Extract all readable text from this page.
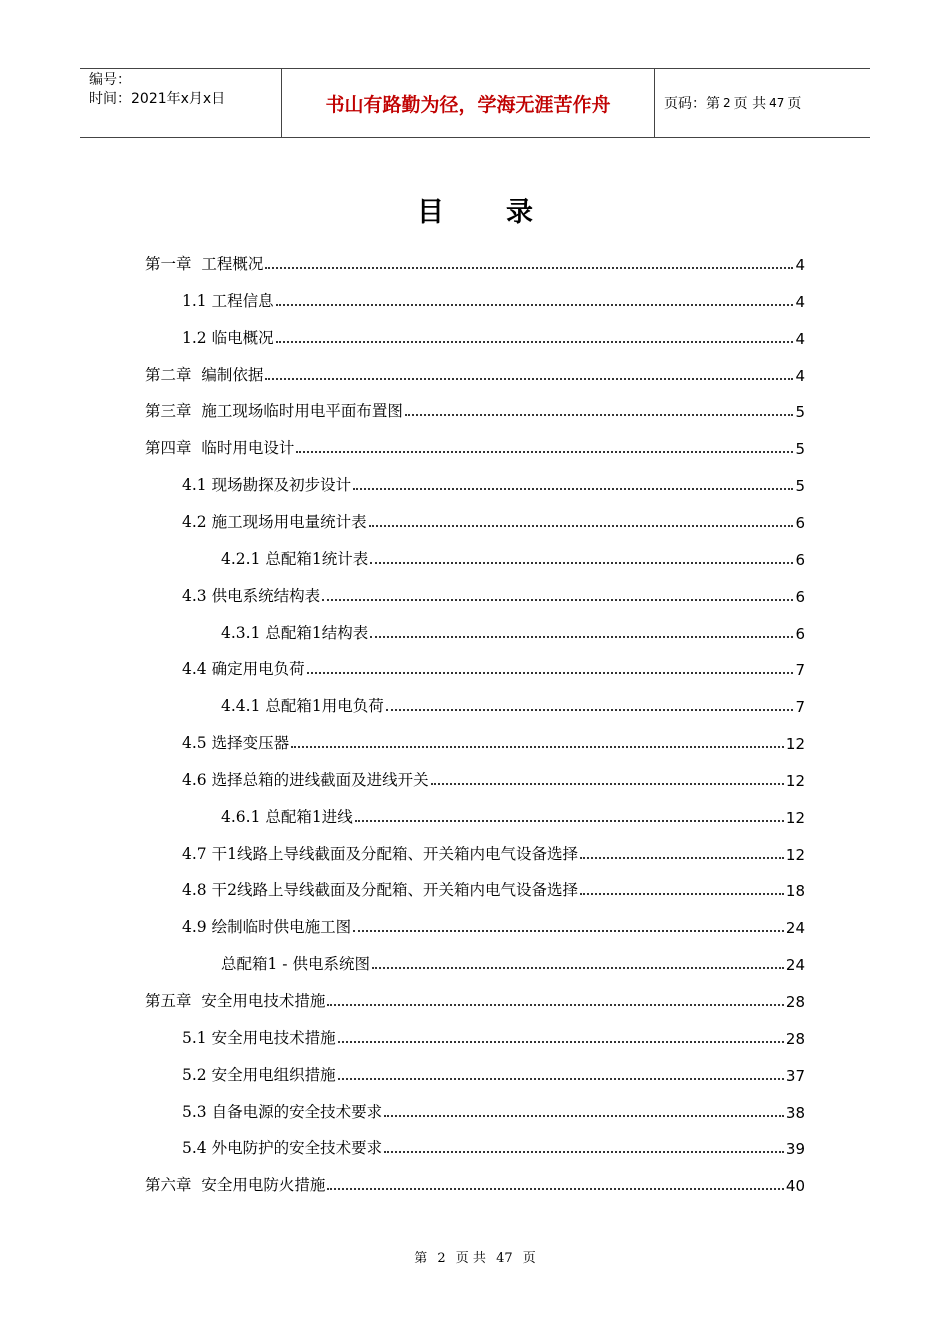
编号：
时间：2021年x月x日	书山有路勤为径，学海无涯苦作舟	页码：第 2 页 共 47 页
目录
第一章  工程概况	4
1.1 工程信息	4
1.2 临电概况	4
第二章  编制依据	4
第三章  施工现场临时用电平面布置图	5
第四章  临时用电设计	5
4.1 现场勘探及初步设计	5
4.2 施工现场用电量统计表	6
4.2.1 总配箱1统计表	6
4.3 供电系统结构表	6
4.3.1 总配箱1结构表	6
4.4 确定用电负荷	7
4.4.1 总配箱1用电负荷	7
4.5 选择变压器	12
4.6 选择总箱的进线截面及进线开关	12
4.6.1 总配箱1进线	12
4.7 干1线路上导线截面及分配箱、开关箱内电气设备选择	12
4.8 干2线路上导线截面及分配箱、开关箱内电气设备选择	18
4.9 绘制临时供电施工图	24
总配箱1 - 供电系统图	24
第五章  安全用电技术措施	28
5.1 安全用电技术措施	28
5.2 安全用电组织措施	37
5.3 自备电源的安全技术要求	38
5.4 外电防护的安全技术要求	39
第六章  安全用电防火措施	40
第 2 页 共 47 页
